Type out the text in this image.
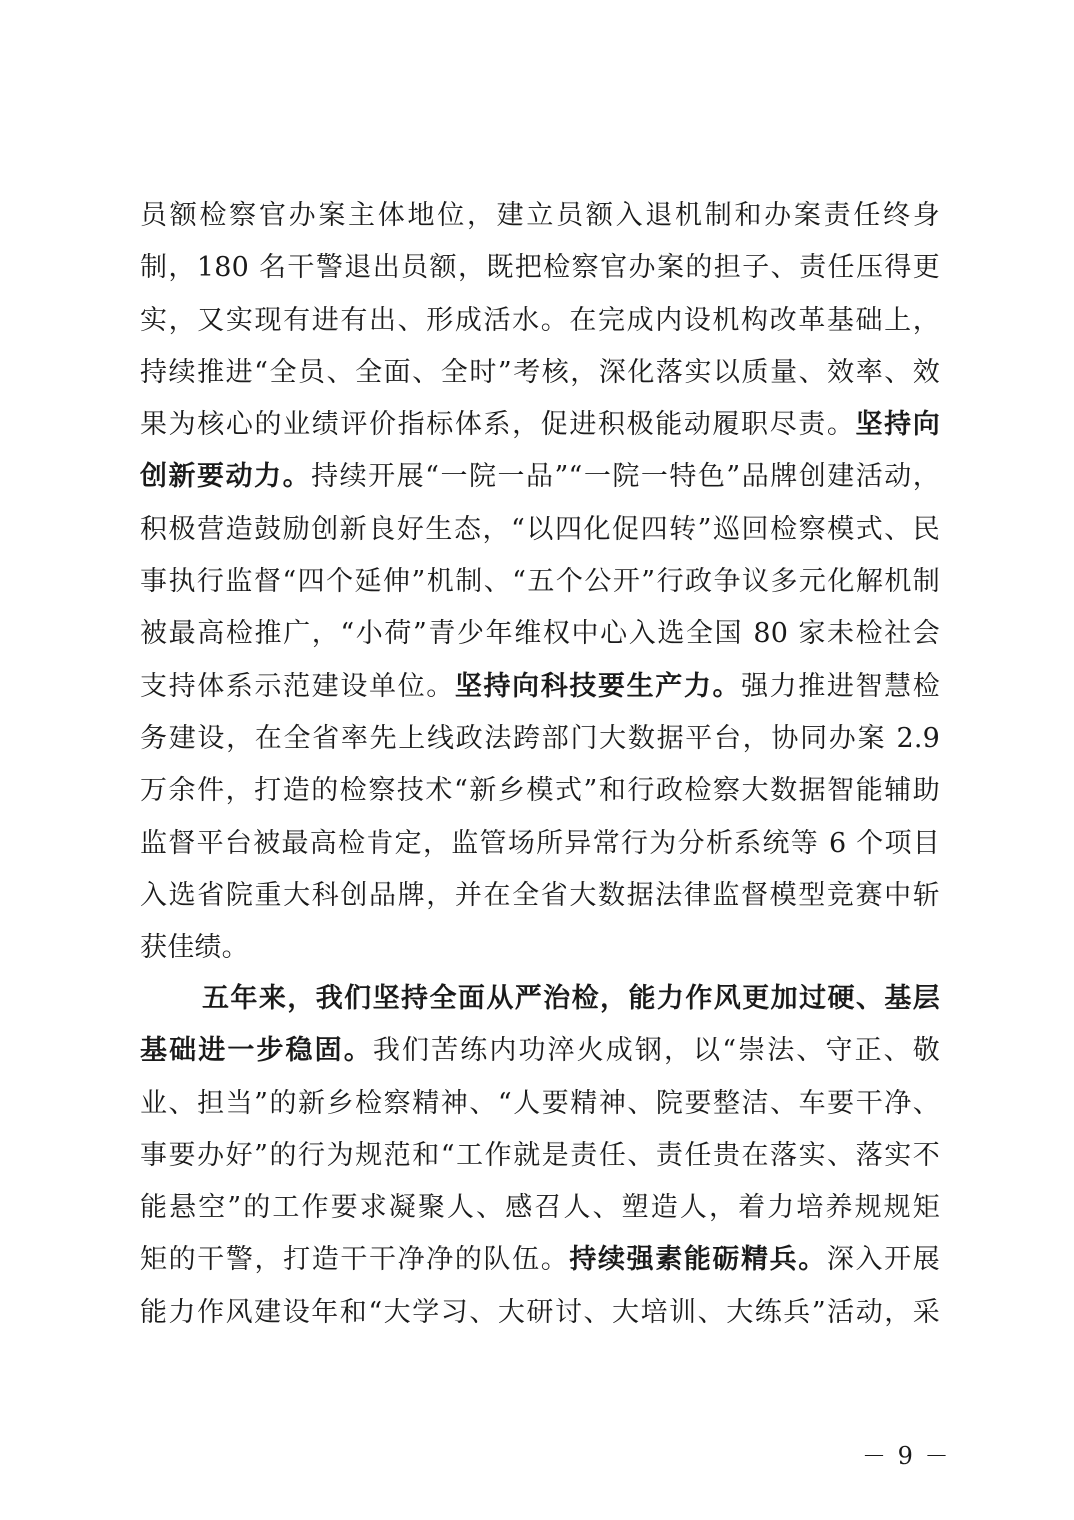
员额检察官办案主体地位，建立员额入退机制和办案责任终身
制，180 名干警退出员额，既把检察官办案的担子、责任压得更
实，又实现有进有出、形成活水。在完成内设机构改革基础上，
持续推进“全员、全面、全时”考核，深化落实以质量、效率、效
果为核心的业绩评价指标体系，促进积极能动履职尽责。坚持向
创新要动力。持续开展“一院一品”“一院一特色”品牌创建活动，
积极营造鼓励创新良好生态，“以四化促四转”巡回检察模式、民
事执行监督“四个延伸”机制、“五个公开”行政争议多元化解机制
被最高检推广，“小荷”青少年维权中心入选全国 80 家未检社会
支持体系示范建设单位。坚持向科技要生产力。强力推进智慧检
务建设，在全省率先上线政法跨部门大数据平台，协同办案 2.9
万余件，打造的检察技术“新乡模式”和行政检察大数据智能辅助
监督平台被最高检肯定，监管场所异常行为分析系统等 6 个项目
入选省院重大科创品牌，并在全省大数据法律监督模型竞赛中斩
获佳绩。
五年来，我们坚持全面从严治检，能力作风更加过硬、基层
基础进一步稳固。我们苦练内功淬火成钢，以“崇法、守正、敬
业、担当”的新乡检察精神、“人要精神、院要整洁、车要干净、
事要办好”的行为规范和“工作就是责任、责任贵在落实、落实不
能悬空”的工作要求凝聚人、感召人、塑造人，着力培养规规矩
矩的干警，打造干干净净的队伍。持续强素能砺精兵。深入开展
能力作风建设年和“大学习、大研讨、大培训、大练兵”活动，采
－ 9 －
